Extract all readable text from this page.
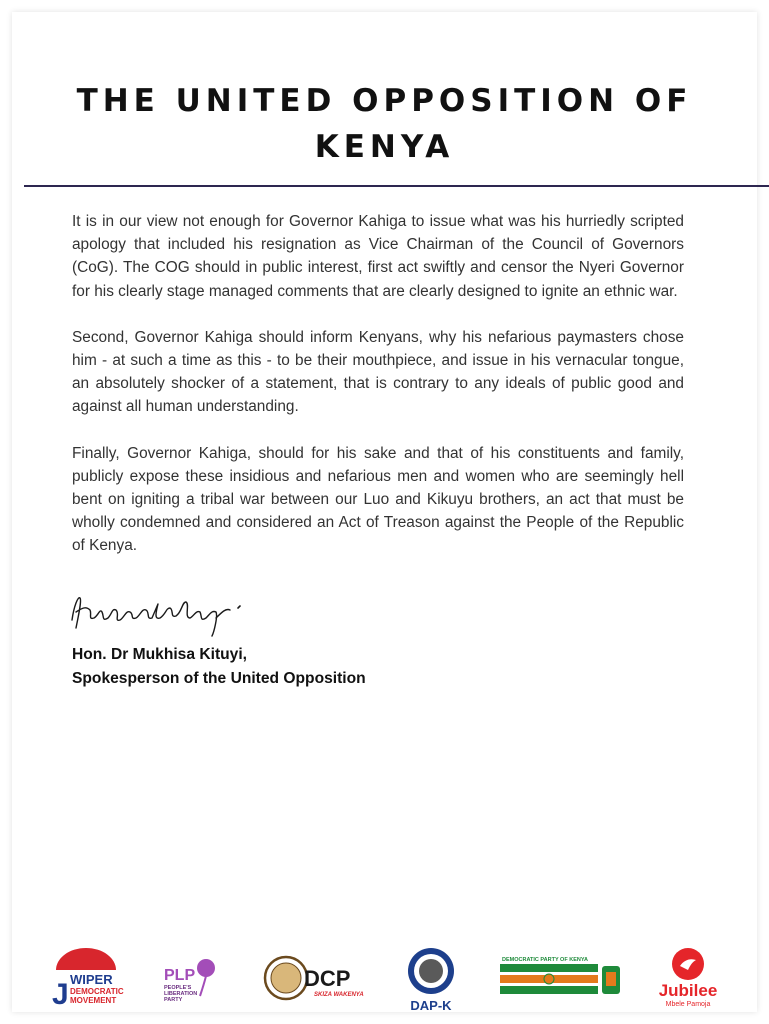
THE UNITED OPPOSITION OF
KENYA

It is in our view not enough for Governor Kahiga to issue what was his hurriedly scripted apology that included his resignation as Vice Chairman of the Council of Governors (CoG). The COG should in public interest, first act swiftly and censor the Nyeri Governor for his clearly stage managed comments that are clearly designed to ignite an ethnic war.

Second, Governor Kahiga should inform Kenyans, why his nefarious paymasters chose him - at such a time as this - to be their mouthpiece, and issue in his vernacular tongue, an absolutely shocker of a statement, that is contrary to any ideals of public good and against all human understanding.

Finally, Governor Kahiga, should for his sake and that of his constituents and family, publicly expose these insidious and nefarious men and women who are seemingly hell bent on igniting a tribal war between our Luo and Kikuyu brothers, an act that must be wholly condemned and considered an Act of Treason against the People of the Republic of Kenya.

Hon. Dr Mukhisa Kituyi,
Spokesperson of the United Opposition
J WIPER
DEMOCRATIC
MOVEMENT
PLP
PEOPLE'S
LIBERATION
PARTY
DCP
SKIZA WAKENYA
DAP-K
DEMOCRATIC PARTY OF KENYA
Jubilee
Mbele Pamoja
